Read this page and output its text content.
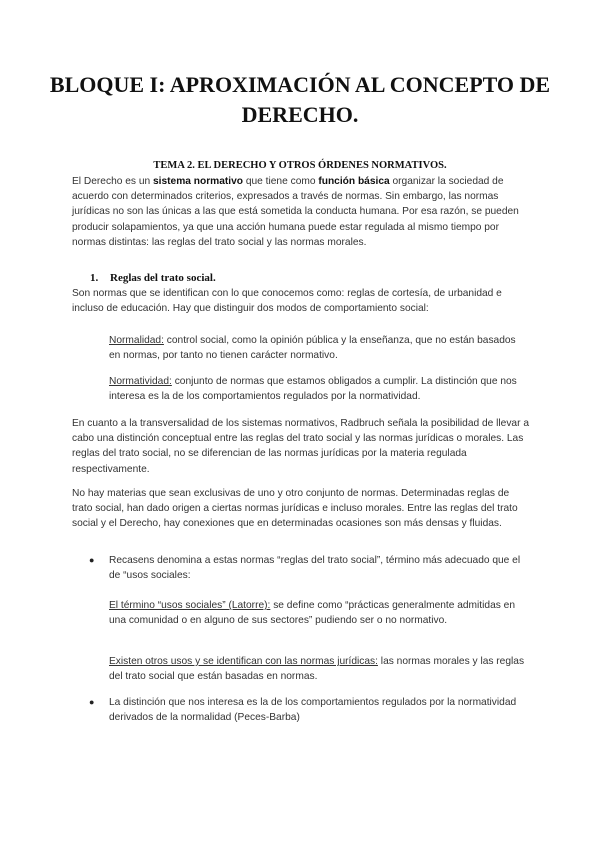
BLOQUE I: APROXIMACIÓN AL CONCEPTO DE DERECHO.

TEMA 2. EL DERECHO Y OTROS ÓRDENES NORMATIVOS.

El Derecho es un sistema normativo que tiene como función básica organizar la sociedad de acuerdo con determinados criterios, expresados a través de normas. Sin embargo, las normas jurídicas no son las únicas a las que está sometida la conducta humana. Por esa razón, se pueden producir solapamientos, ya que una acción humana puede estar regulada al mismo tiempo por normas distintas: las reglas del trato social y las normas morales.

1. Reglas del trato social.

Son normas que se identifican con lo que conocemos como: reglas de cortesía, de urbanidad e incluso de educación. Hay que distinguir dos modos de comportamiento social:

Normalidad: control social, como la opinión pública y la enseñanza, que no están basados en normas, por tanto no tienen carácter normativo.

Normatividad: conjunto de normas que estamos obligados a cumplir. La distinción que nos interesa es la de los comportamientos regulados por la normatividad.

En cuanto a la transversalidad de los sistemas normativos, Radbruch señala la posibilidad de llevar a cabo una distinción conceptual entre las reglas del trato social y las normas jurídicas o morales. Las reglas del trato social, no se diferencian de las normas jurídicas por la materia regulada respectivamente.

No hay materias que sean exclusivas de uno y otro conjunto de normas. Determinadas reglas de trato social, han dado origen a ciertas normas jurídicas e incluso morales. Entre las reglas del trato social y el Derecho, hay conexiones que en determinadas ocasiones son más densas y fluidas.

● Recasens denomina a estas normas “reglas del trato social”, término más adecuado que el de “usos sociales:

El término “usos sociales” (Latorre): se define como “prácticas generalmente admitidas en una comunidad o en alguno de sus sectores” pudiendo ser o no normativo.

Existen otros usos y se identifican con las normas jurídicas: las normas morales y las reglas del trato social que están basadas en normas.

● La distinción que nos interesa es la de los comportamientos regulados por la normatividad derivados de la normalidad (Peces-Barba)
